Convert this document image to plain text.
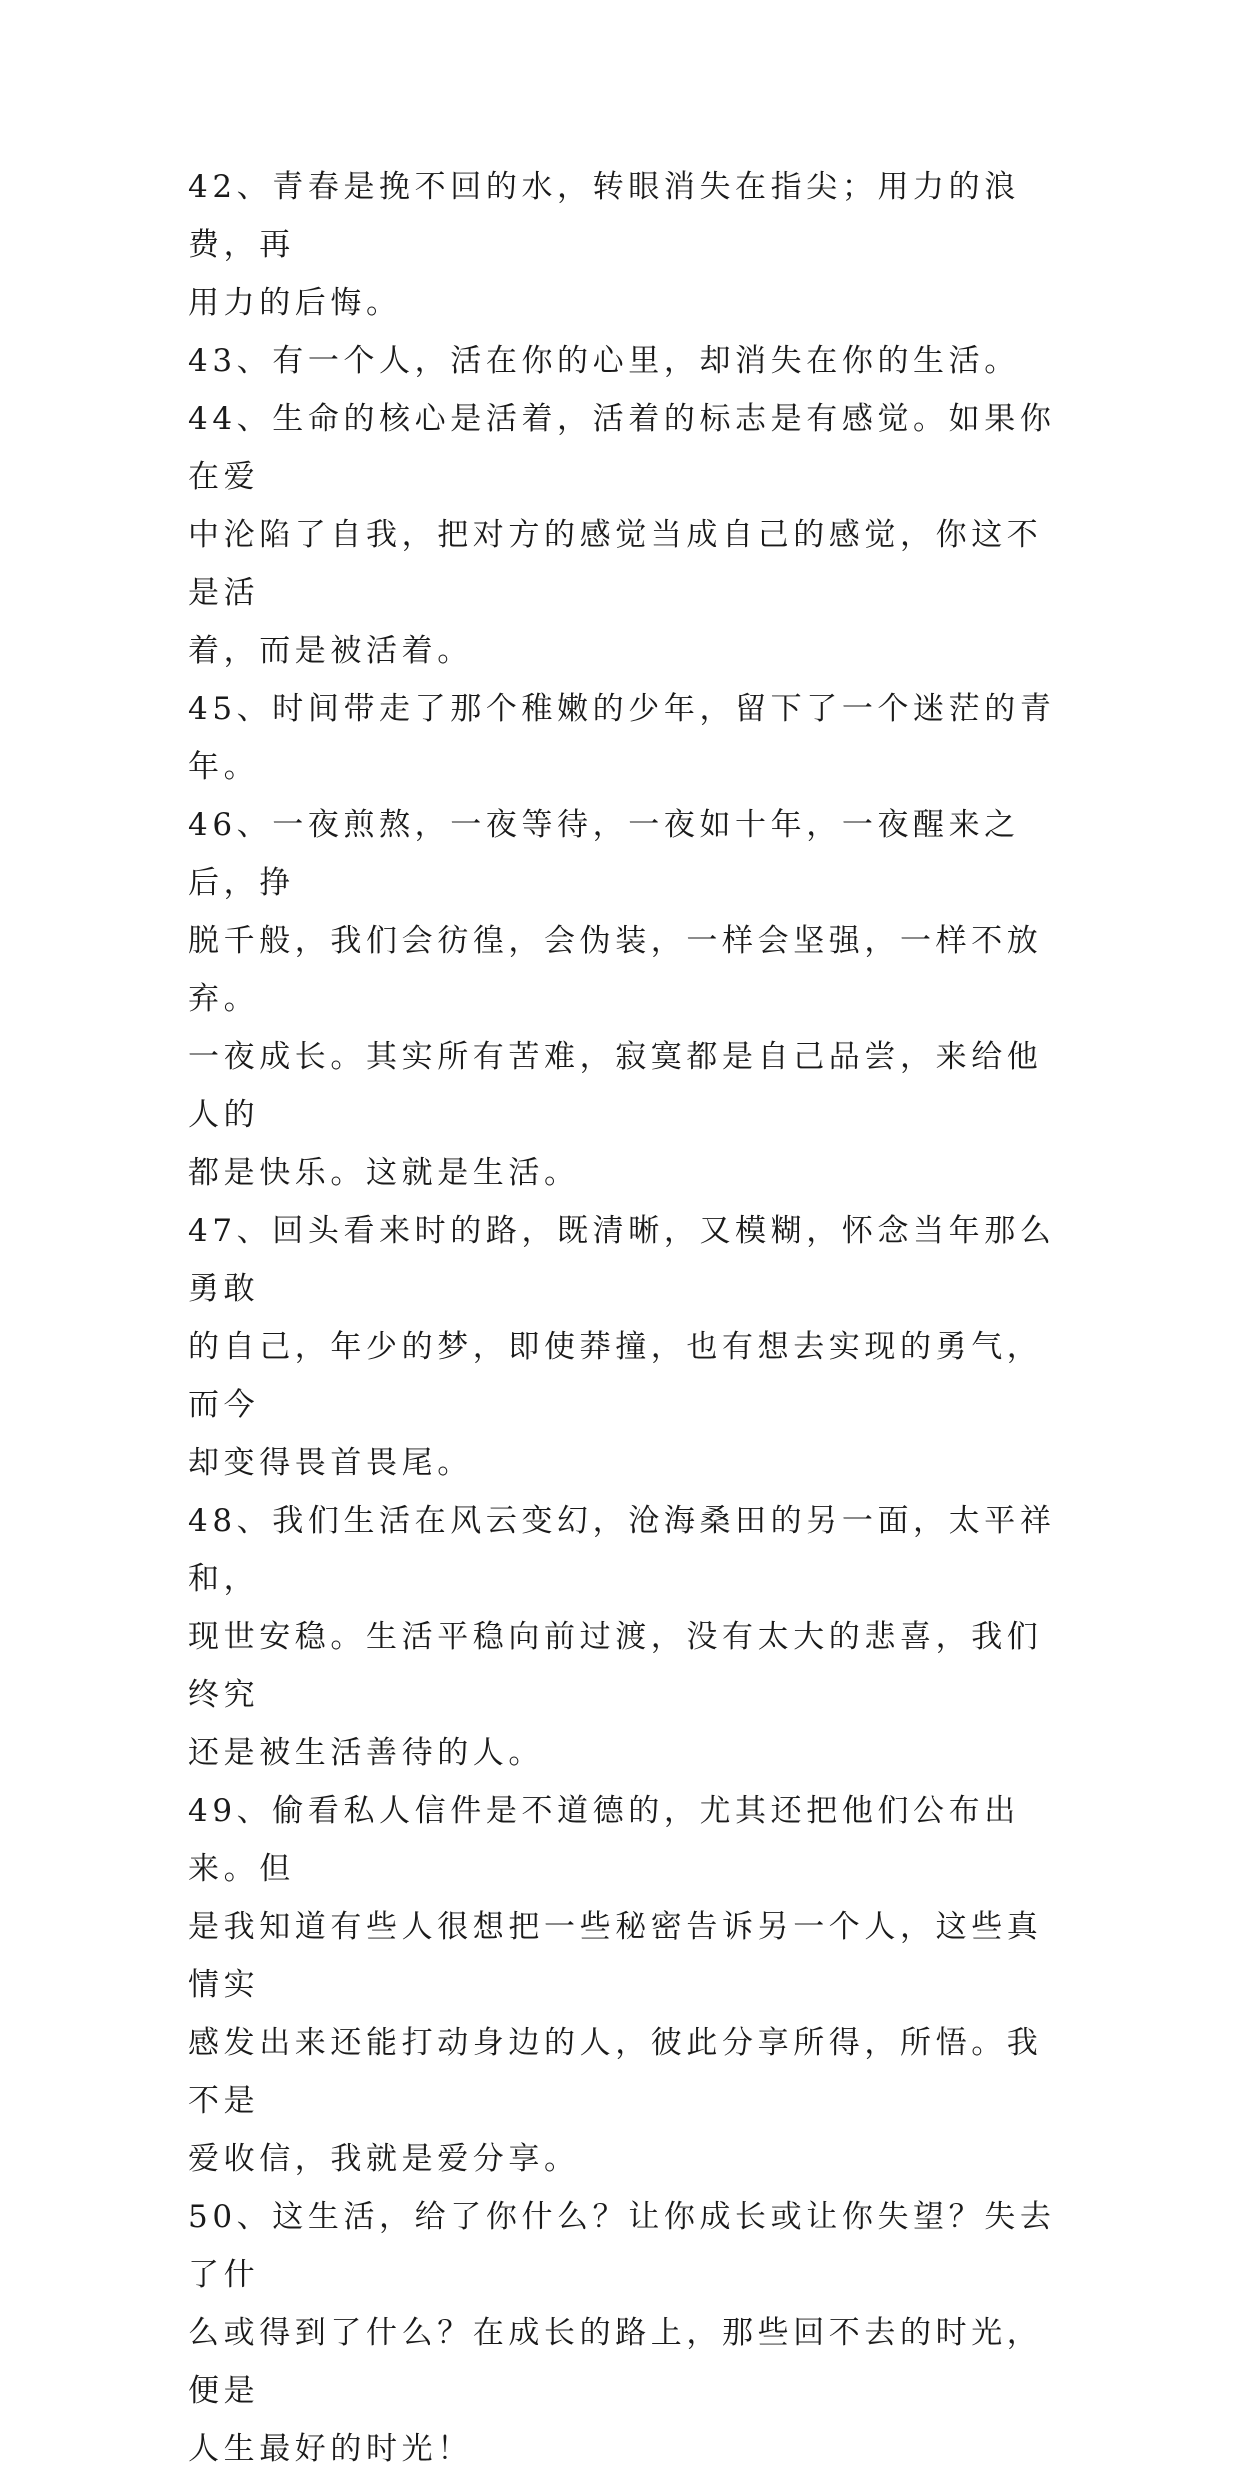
42、青春是挽不回的水，转眼消失在指尖；用力的浪费，再
用力的后悔。

43、有一个人，活在你的心里，却消失在你的生活。

44、生命的核心是活着，活着的标志是有感觉。如果你在爱
中沦陷了自我，把对方的感觉当成自己的感觉，你这不是活
着，而是被活着。

45、时间带走了那个稚嫩的少年，留下了一个迷茫的青年。

46、一夜煎熬，一夜等待，一夜如十年，一夜醒来之后，挣
脱千般，我们会彷徨，会伪装，一样会坚强，一样不放弃。
一夜成长。其实所有苦难，寂寞都是自己品尝，来给他人的
都是快乐。这就是生活。

47、回头看来时的路，既清晰，又模糊，怀念当年那么勇敢
的自己，年少的梦，即使莽撞，也有想去实现的勇气，而今
却变得畏首畏尾。

48、我们生活在风云变幻，沧海桑田的另一面，太平祥和，
现世安稳。生活平稳向前过渡，没有太大的悲喜，我们终究
还是被生活善待的人。

49、偷看私人信件是不道德的，尤其还把他们公布出来。但
是我知道有些人很想把一些秘密告诉另一个人，这些真情实
感发出来还能打动身边的人，彼此分享所得，所悟。我不是
爱收信，我就是爱分享。

50、这生活，给了你什么？让你成长或让你失望？失去了什
么或得到了什么？在成长的路上，那些回不去的时光，便是
人生最好的时光！
